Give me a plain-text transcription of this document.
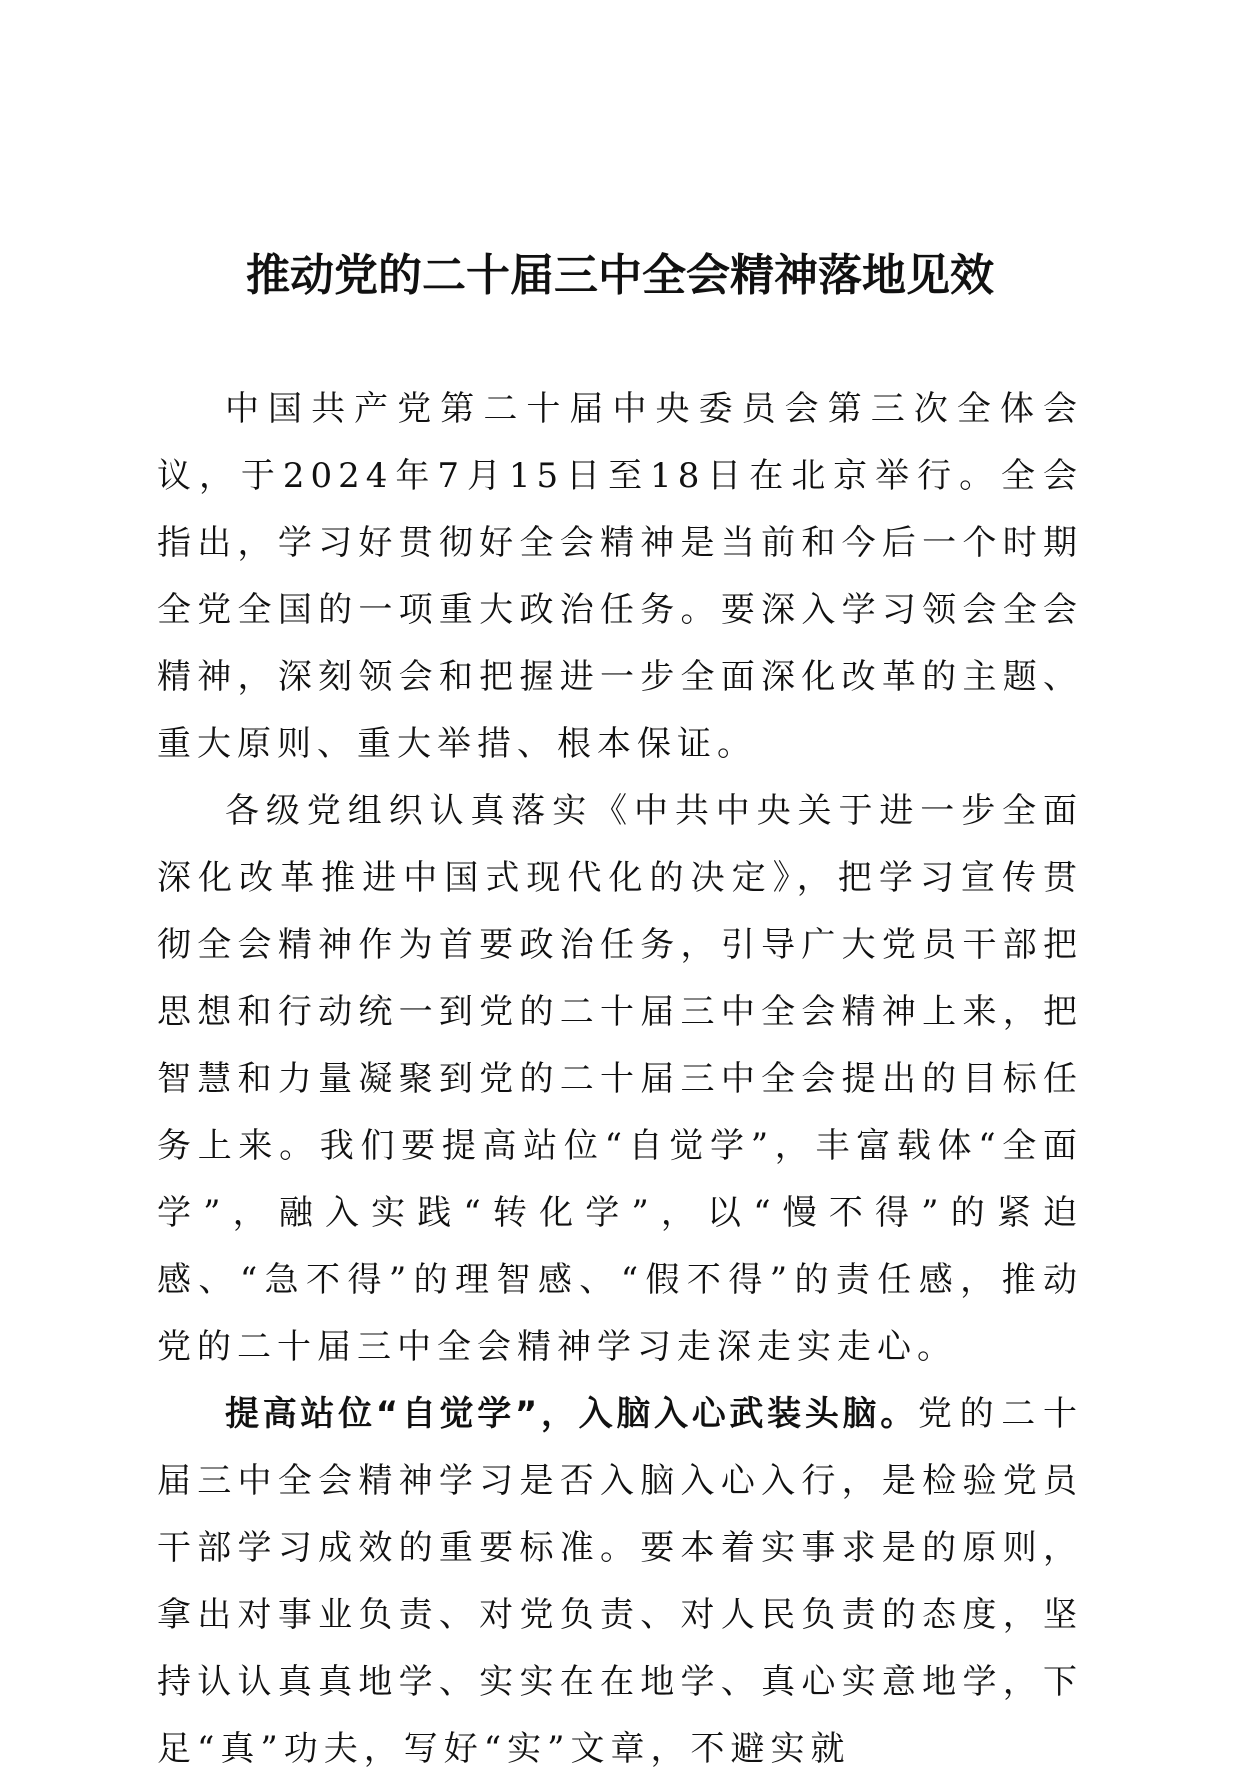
推动党的二十届三中全会精神落地见效

中国共产党第二十届中央委员会第三次全体会议，于2024年7月15日至18日在北京举行。全会指出，学习好贯彻好全会精神是当前和今后一个时期全党全国的一项重大政治任务。要深入学习领会全会精神，深刻领会和把握进一步全面深化改革的主题、重大原则、重大举措、根本保证。

各级党组织认真落实《中共中央关于进一步全面深化改革推进中国式现代化的决定》，把学习宣传贯彻全会精神作为首要政治任务，引导广大党员干部把思想和行动统一到党的二十届三中全会精神上来，把智慧和力量凝聚到党的二十届三中全会提出的目标任务上来。我们要提高站位“自觉学”，丰富载体“全面学”，融入实践“转化学”，以“慢不得”的紧迫感、“急不得”的理智感、“假不得”的责任感，推动党的二十届三中全会精神学习走深走实走心。

提高站位“自觉学”，入脑入心武装头脑。党的二十届三中全会精神学习是否入脑入心入行，是检验党员干部学习成效的重要标准。要本着实事求是的原则，拿出对事业负责、对党负责、对人民负责的态度，坚持认认真真地学、实实在在地学、真心实意地学，下足“真”功夫，写好“实”文章，不避实就
